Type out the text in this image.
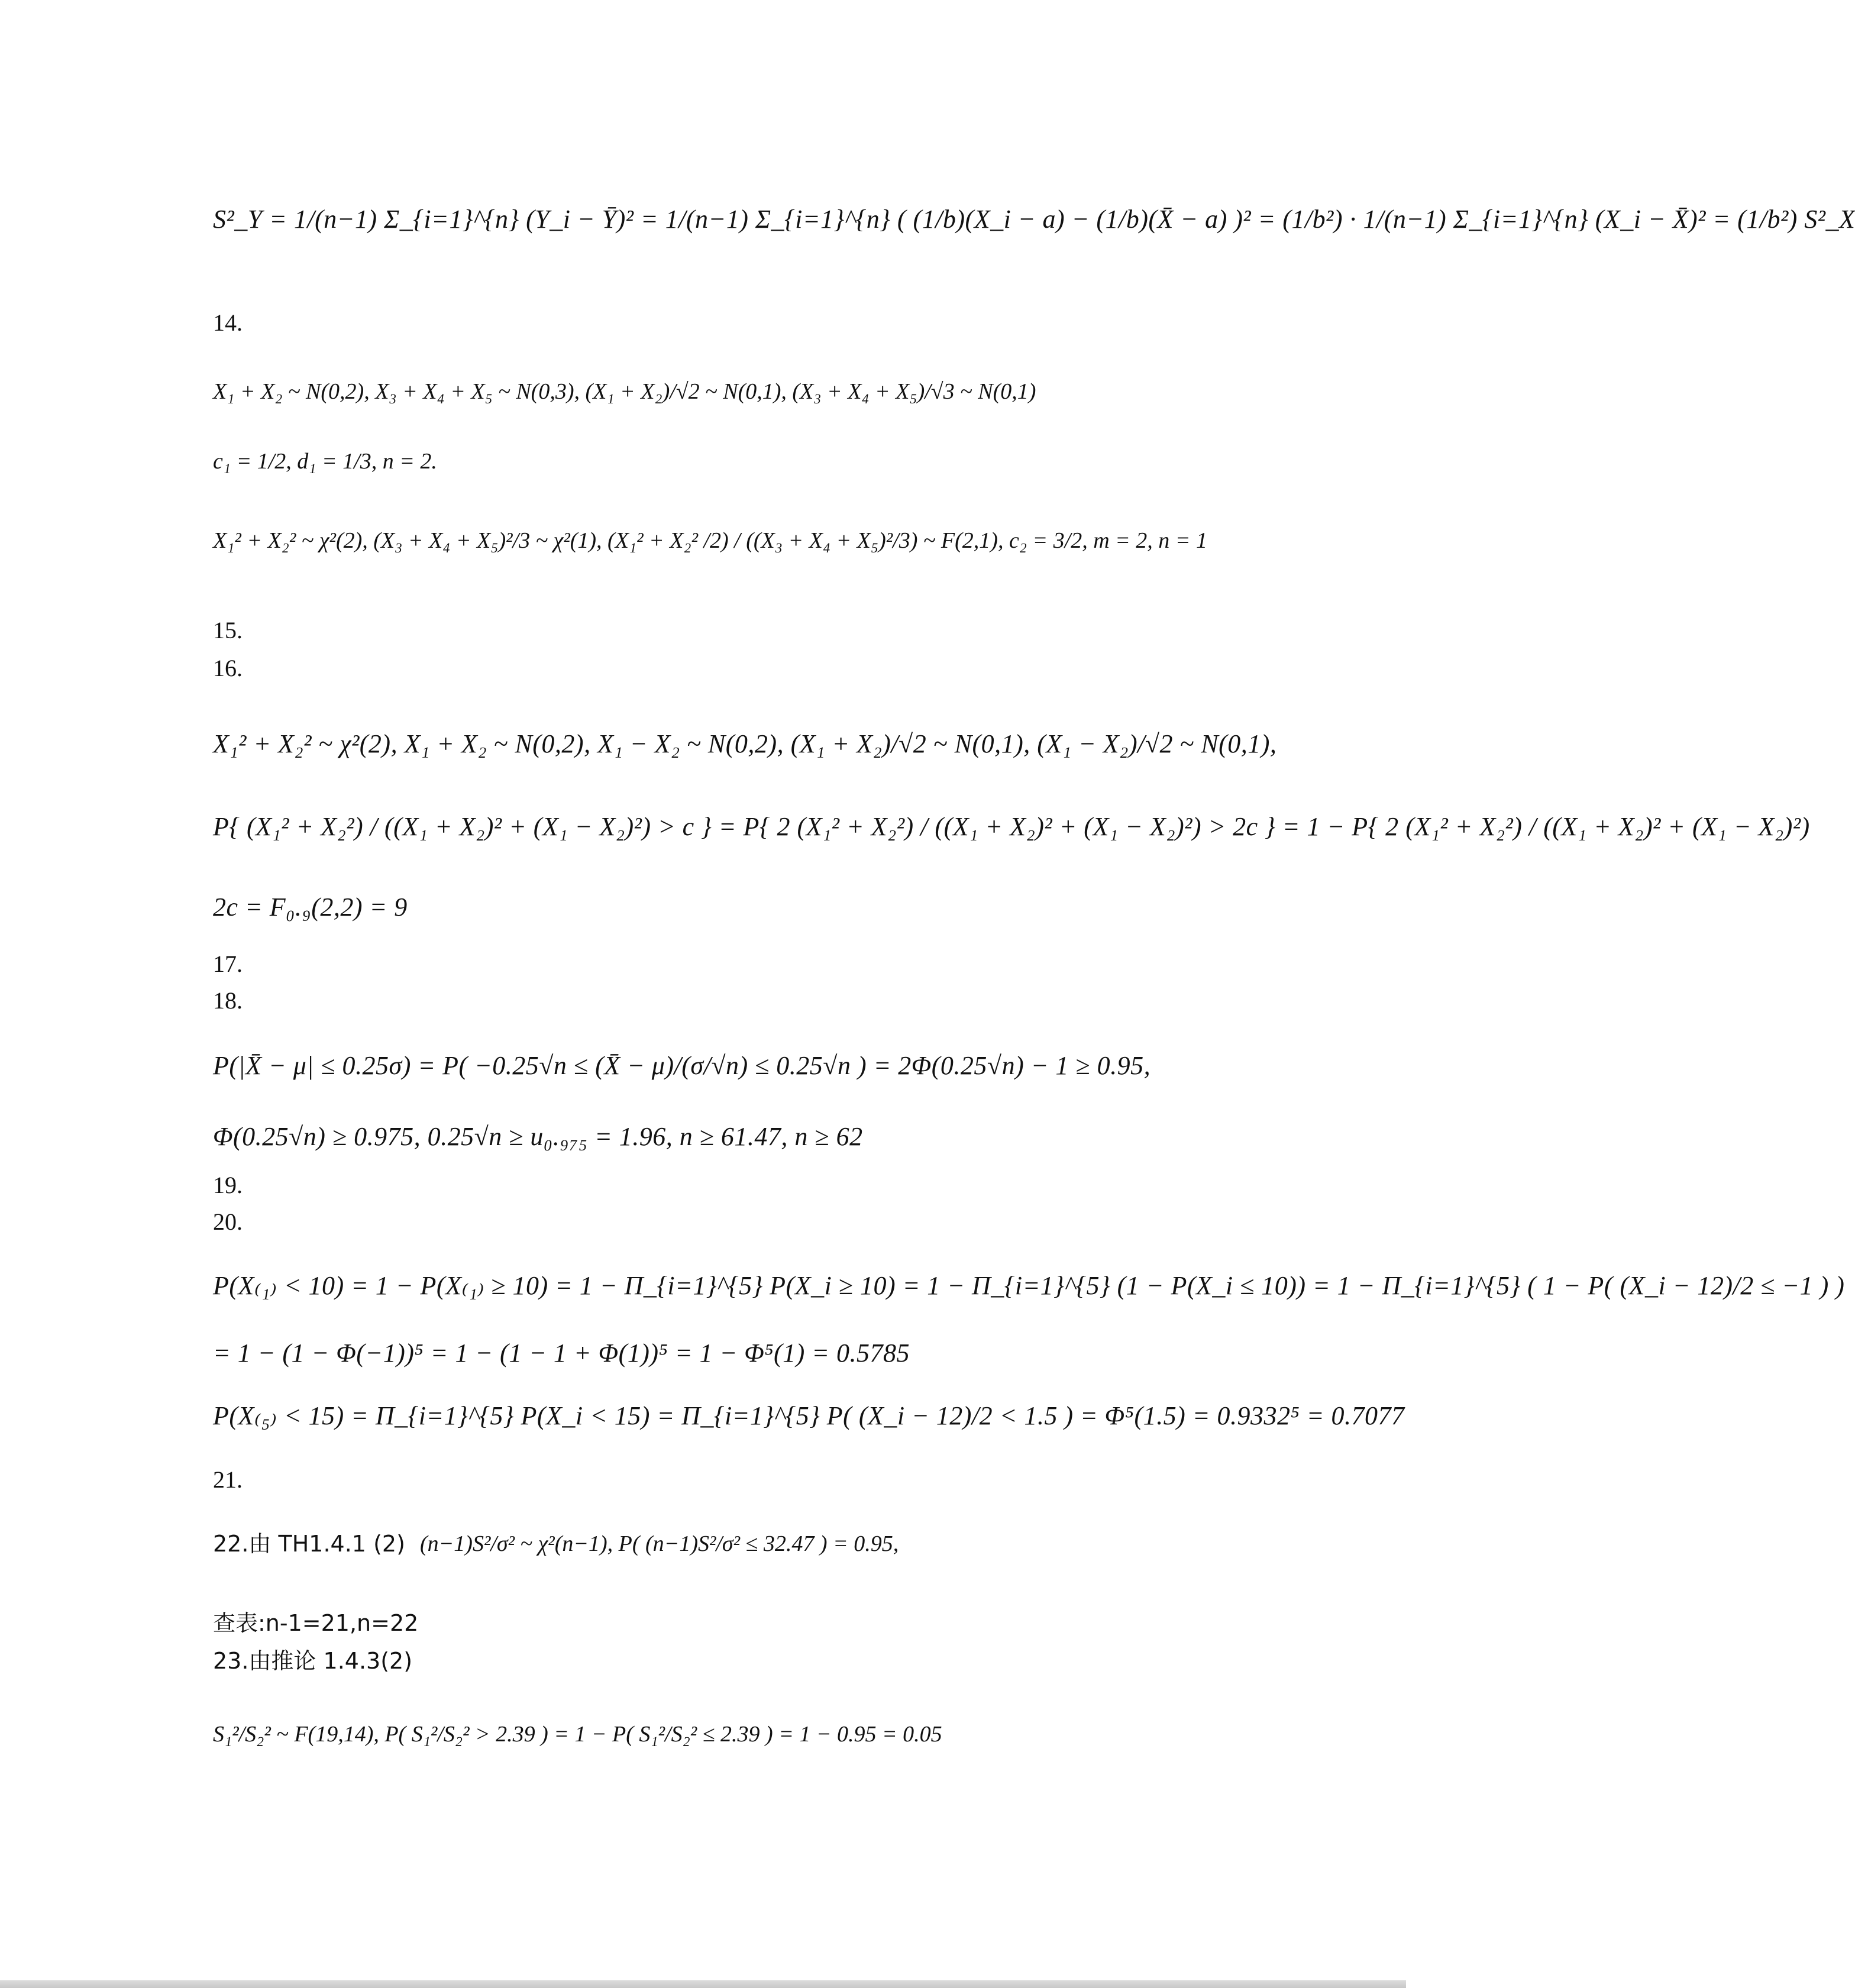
S²_Y = 1/(n−1) Σ_{i=1}^{n} (Y_i − Ȳ)² = 1/(n−1) Σ_{i=1}^{n} ( (1/b)(X_i − a) − (1/b)(X̄ − a) )² = (1/b²) · 1/(n−1) Σ_{i=1}^{n} (X_i − X̄)² = (1/b²) S²_X
14.
X₁ + X₂ ~ N(0,2), X₃ + X₄ + X₅ ~ N(0,3), (X₁ + X₂)/√2 ~ N(0,1), (X₃ + X₄ + X₅)/√3 ~ N(0,1)
c₁ = 1/2, d₁ = 1/3, n = 2.
X₁² + X₂² ~ χ²(2), (X₃ + X₄ + X₅)²/3 ~ χ²(1), (X₁² + X₂² /2) / ((X₃ + X₄ + X₅)²/3) ~ F(2,1), c₂ = 3/2, m = 2, n = 1
15.
16.
X₁² + X₂² ~ χ²(2), X₁ + X₂ ~ N(0,2), X₁ − X₂ ~ N(0,2), (X₁ + X₂)/√2 ~ N(0,1), (X₁ − X₂)/√2 ~ N(0,1),
P{ (X₁² + X₂²) / ((X₁ + X₂)² + (X₁ − X₂)²) > c } = P{ 2 (X₁² + X₂²) / ((X₁ + X₂)² + (X₁ − X₂)²) > 2c } = 1 − P{ 2 (X₁² + X₂²) / ((X₁ + X₂)² + (X₁ − X₂)²)
2c = F₀.₉(2,2) = 9
17.
18.
P(|X̄ − μ| ≤ 0.25σ) = P( −0.25√n ≤ (X̄ − μ)/(σ/√n) ≤ 0.25√n ) = 2Φ(0.25√n) − 1 ≥ 0.95,
Φ(0.25√n) ≥ 0.975, 0.25√n ≥ u₀.₉₇₅ = 1.96, n ≥ 61.47, n ≥ 62
19.
20.
P(X₍₁₎ < 10) = 1 − P(X₍₁₎ ≥ 10) = 1 − Π_{i=1}^{5} P(X_i ≥ 10) = 1 − Π_{i=1}^{5} (1 − P(X_i ≤ 10)) = 1 − Π_{i=1}^{5} ( 1 − P( (X_i − 12)/2 ≤ −1 ) )
= 1 − (1 − Φ(−1))⁵ = 1 − (1 − 1 + Φ(1))⁵ = 1 − Φ⁵(1) = 0.5785
P(X₍₅₎ < 15) = Π_{i=1}^{5} P(X_i < 15) = Π_{i=1}^{5} P( (X_i − 12)/2 < 1.5 ) = Φ⁵(1.5) = 0.9332⁵ = 0.7077
21.
22.由 TH1.4.1 (2) (n−1)S²/σ² ~ χ²(n−1), P( (n−1)S²/σ² ≤ 32.47 ) = 0.95,
查表:n-1=21,n=22
23.由推论 1.4.3(2)
S₁²/S₂² ~ F(19,14), P( S₁²/S₂² > 2.39 ) = 1 − P( S₁²/S₂² ≤ 2.39 ) = 1 − 0.95 = 0.05
